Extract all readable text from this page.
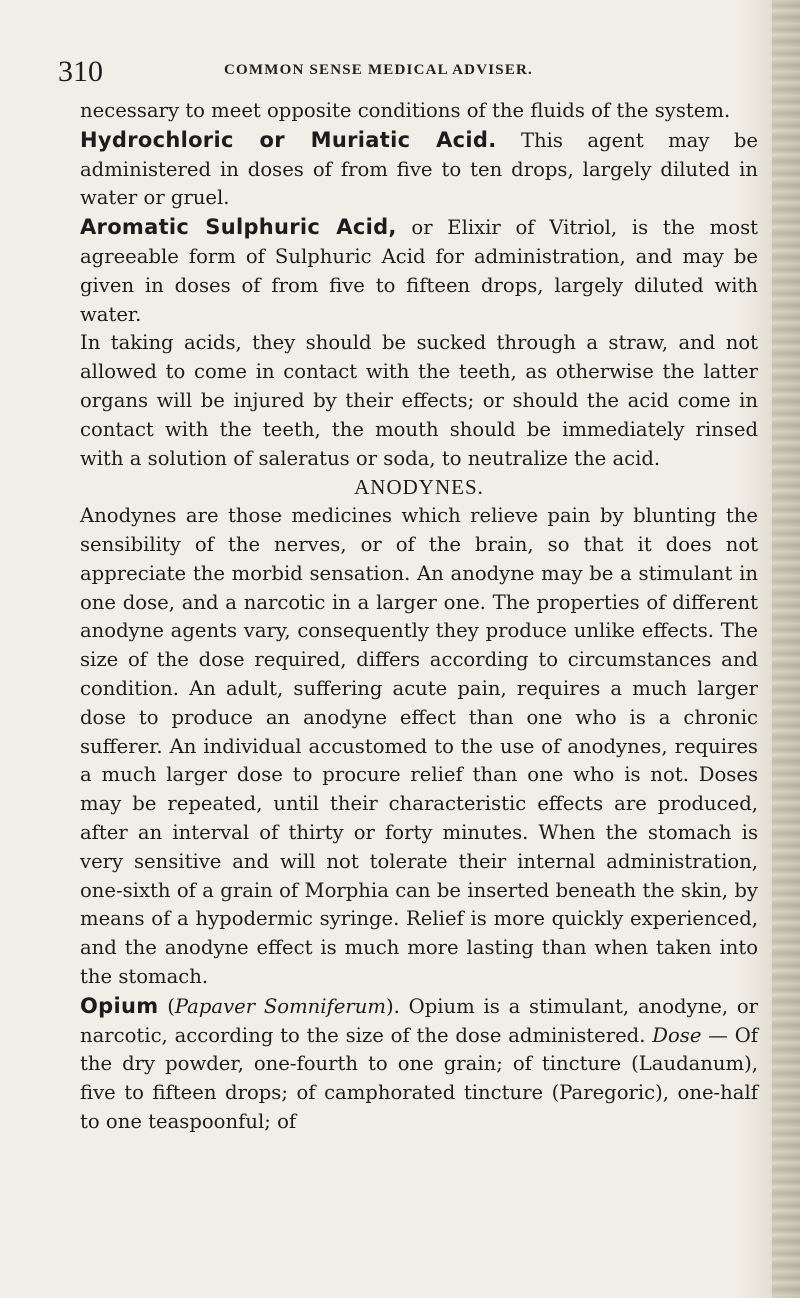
310	COMMON SENSE MEDICAL ADVISER.

necessary to meet opposite conditions of the fluids of the system.

Hydrochloric or Muriatic Acid. This agent may be administered in doses of from five to ten drops, largely diluted in water or gruel.

Aromatic Sulphuric Acid, or Elixir of Vitriol, is the most agreeable form of Sulphuric Acid for administration, and may be given in doses of from five to fifteen drops, largely diluted with water.

In taking acids, they should be sucked through a straw, and not allowed to come in contact with the teeth, as otherwise the latter organs will be injured by their effects; or should the acid come in contact with the teeth, the mouth should be immediately rinsed with a solution of saleratus or soda, to neutralize the acid.

ANODYNES.

Anodynes are those medicines which relieve pain by blunting the sensibility of the nerves, or of the brain, so that it does not appreciate the morbid sensation. An anodyne may be a stimulant in one dose, and a narcotic in a larger one. The properties of different anodyne agents vary, consequently they produce unlike effects. The size of the dose required, differs according to circumstances and condition. An adult, suffering acute pain, requires a much larger dose to produce an anodyne effect than one who is a chronic sufferer. An individual accustomed to the use of anodynes, requires a much larger dose to procure relief than one who is not. Doses may be repeated, until their characteristic effects are produced, after an interval of thirty or forty minutes. When the stomach is very sensitive and will not tolerate their internal administration, one-sixth of a grain of Morphia can be inserted beneath the skin, by means of a hypodermic syringe. Relief is more quickly experienced, and the anodyne effect is much more lasting than when taken into the stomach.

Opium (Papaver Somniferum). Opium is a stimulant, anodyne, or narcotic, according to the size of the dose administered. Dose — Of the dry powder, one-fourth to one grain; of tincture (Laudanum), five to fifteen drops; of camphorated tincture (Paregoric), one-half to one teaspoonful; of
